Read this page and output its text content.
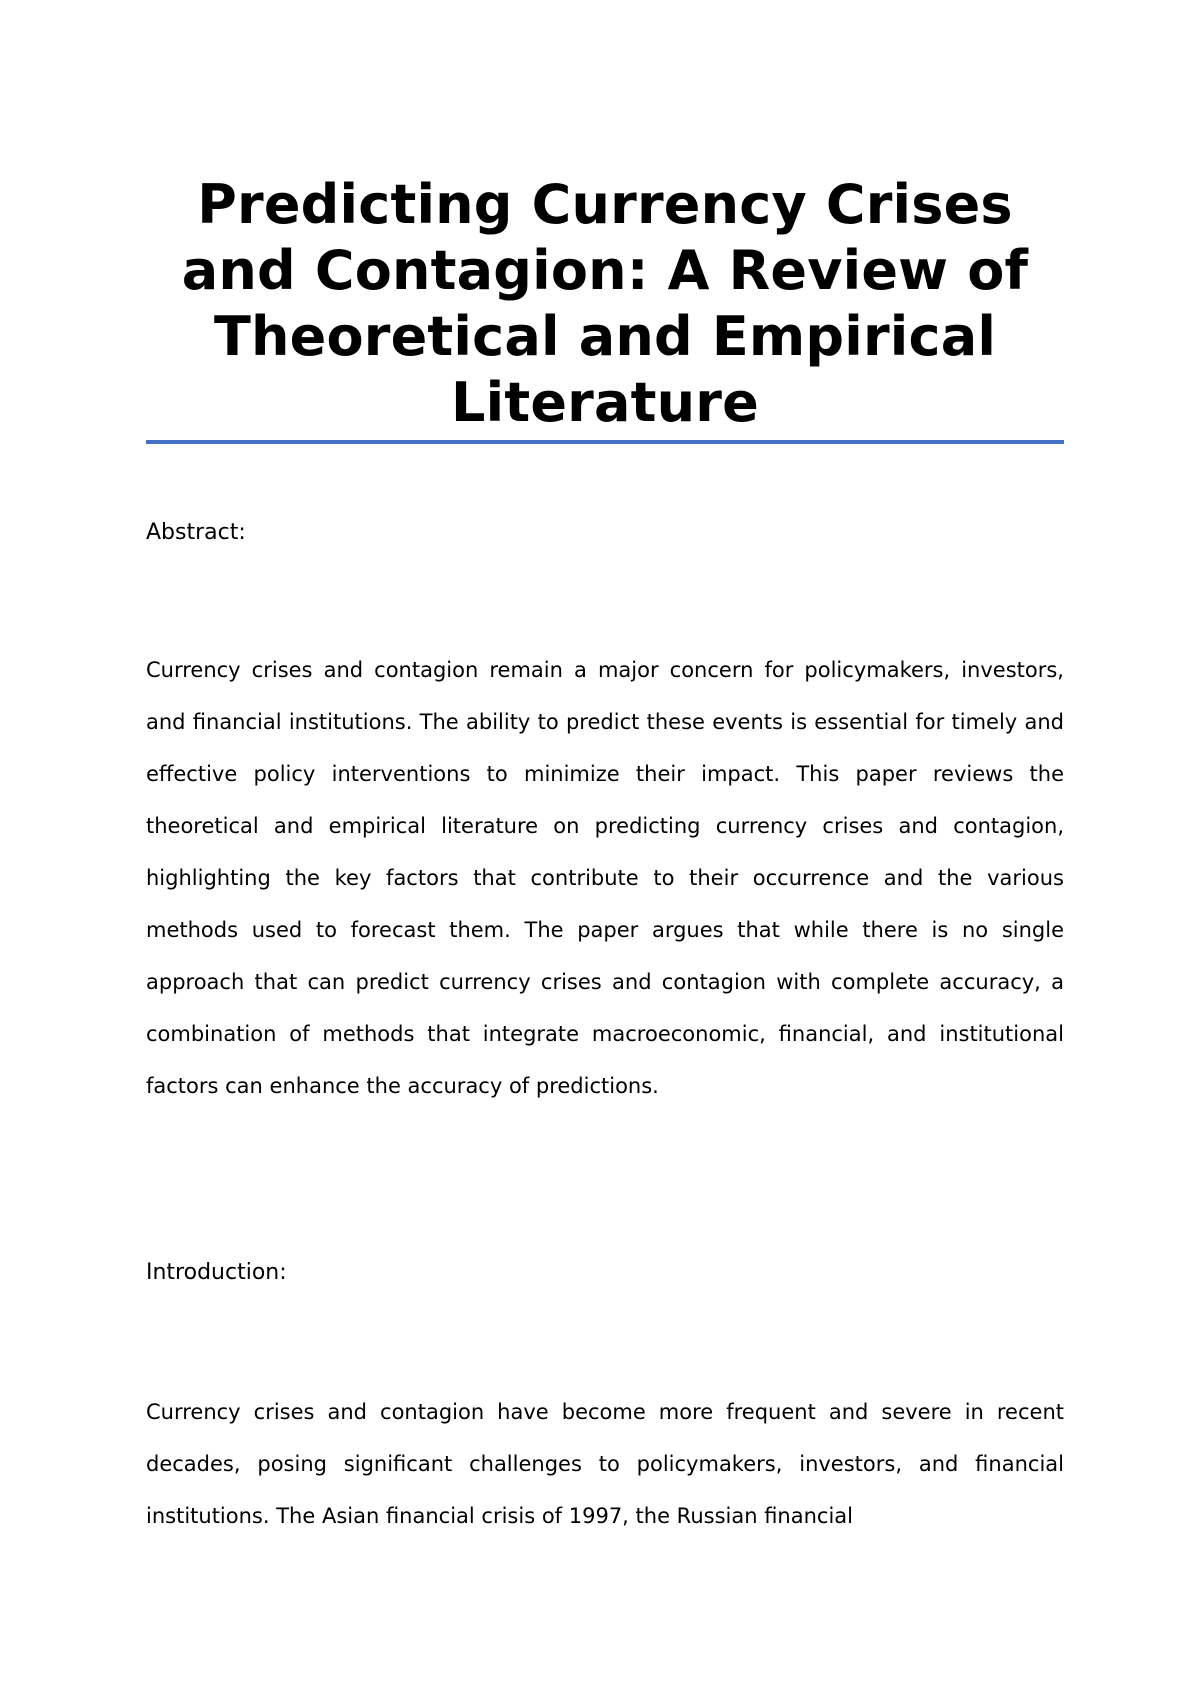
Predicting Currency Crises and Contagion: A Review of Theoretical and Empirical Literature

Abstract:

Currency crises and contagion remain a major concern for policymakers, investors, and financial institutions. The ability to predict these events is essential for timely and effective policy interventions to minimize their impact. This paper reviews the theoretical and empirical literature on predicting currency crises and contagion, highlighting the key factors that contribute to their occurrence and the various methods used to forecast them. The paper argues that while there is no single approach that can predict currency crises and contagion with complete accuracy, a combination of methods that integrate macroeconomic, financial, and institutional factors can enhance the accuracy of predictions.

Introduction:

Currency crises and contagion have become more frequent and severe in recent decades, posing significant challenges to policymakers, investors, and financial institutions. The Asian financial crisis of 1997, the Russian financial
